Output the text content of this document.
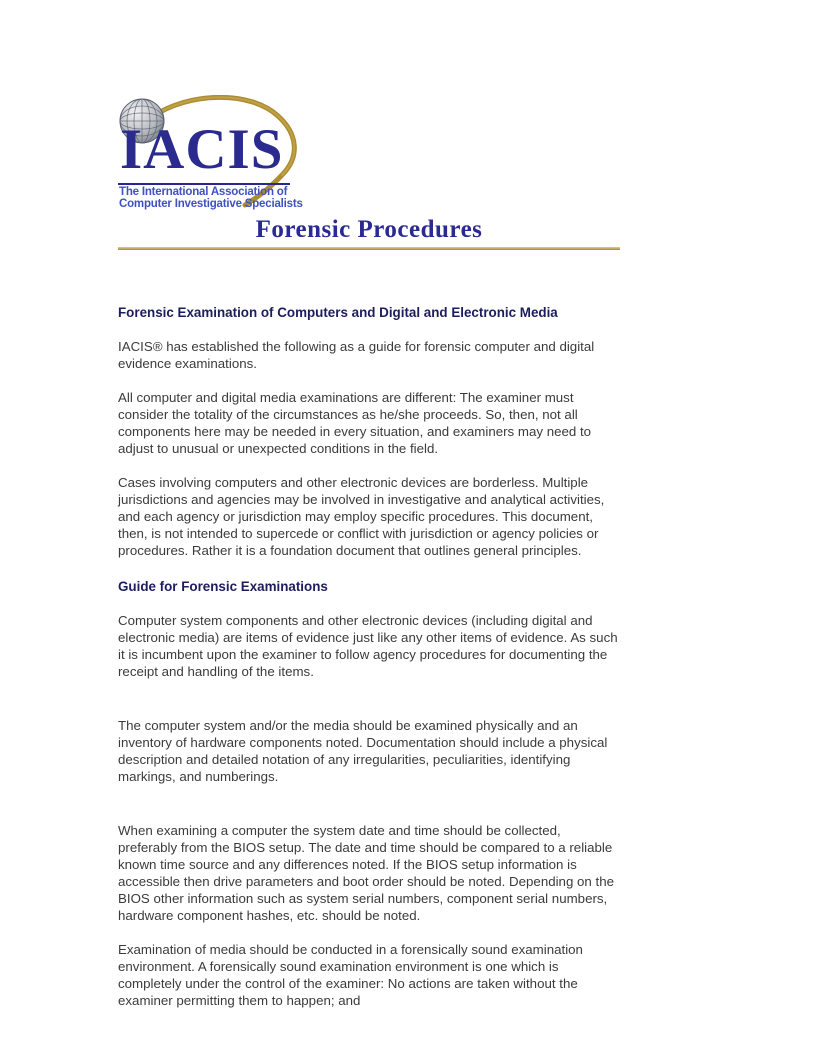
IACIS
The International Association of
Computer Investigative Specialists
Forensic Procedures
Forensic Examination of Computers and Digital and Electronic Media
IACIS® has established the following as a guide for forensic computer and digital evidence examinations.
All computer and digital media examinations are different: The examiner must consider the totality of the circumstances as he/she proceeds. So, then, not all components here may be needed in every situation, and examiners may need to adjust to unusual or unexpected conditions in the field.
Cases involving computers and other electronic devices are borderless. Multiple jurisdictions and agencies may be involved in investigative and analytical activities, and each agency or jurisdiction may employ specific procedures. This document, then, is not intended to supercede or conflict with jurisdiction or agency policies or procedures. Rather it is a foundation document that outlines general principles.
Guide for Forensic Examinations
Computer system components and other electronic devices (including digital and electronic media) are items of evidence just like any other items of evidence. As such it is incumbent upon the examiner to follow agency procedures for documenting the receipt and handling of the items.
The computer system and/or the media should be examined physically and an inventory of hardware components noted. Documentation should include a physical description and detailed notation of any irregularities, peculiarities, identifying markings, and numberings.
When examining a computer the system date and time should be collected, preferably from the BIOS setup. The date and time should be compared to a reliable known time source and any differences noted. If the BIOS setup information is accessible then drive parameters and boot order should be noted. Depending on the BIOS other information such as system serial numbers, component serial numbers, hardware component hashes, etc. should be noted.
Examination of media should be conducted in a forensically sound examination environment. A forensically sound examination environment is one which is completely under the control of the examiner: No actions are taken without the examiner permitting them to happen; and
